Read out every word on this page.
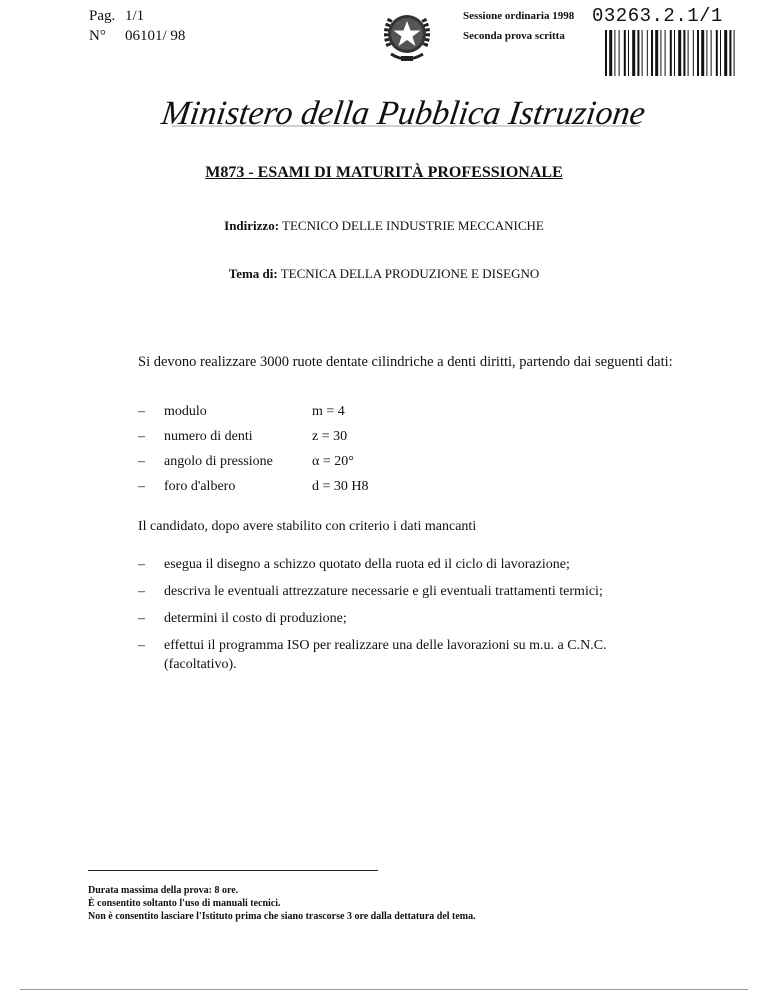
Pag. 1/1
N° 06101/ 98
Sessione ordinaria 1998
Seconda prova scritta
03263.2.1/1
Ministero della Pubblica Istruzione
M873 - ESAMI DI MATURITÀ PROFESSIONALE
Indirizzo: TECNICO DELLE INDUSTRIE MECCANICHE
Tema di: TECNICA DELLA PRODUZIONE E DISEGNO
Si devono realizzare 3000 ruote dentate cilindriche a denti diritti, partendo dai seguenti dati:
– modulo	m = 4
– numero di denti	z = 30
– angolo di pressione	α = 20°
– foro d'albero	d = 30 H8
Il candidato, dopo avere stabilito con criterio i dati mancanti
– esegua il disegno a schizzo quotato della ruota ed il ciclo di lavorazione;
– descriva le eventuali attrezzature necessarie e gli eventuali trattamenti termici;
– determini il costo di produzione;
– effettui il programma ISO per realizzare una delle lavorazioni su m.u. a C.N.C. (facoltativo).
Durata massima della prova: 8 ore.
È consentito soltanto l'uso di manuali tecnici.
Non è consentito lasciare l'Istituto prima che siano trascorse 3 ore dalla dettatura del tema.
